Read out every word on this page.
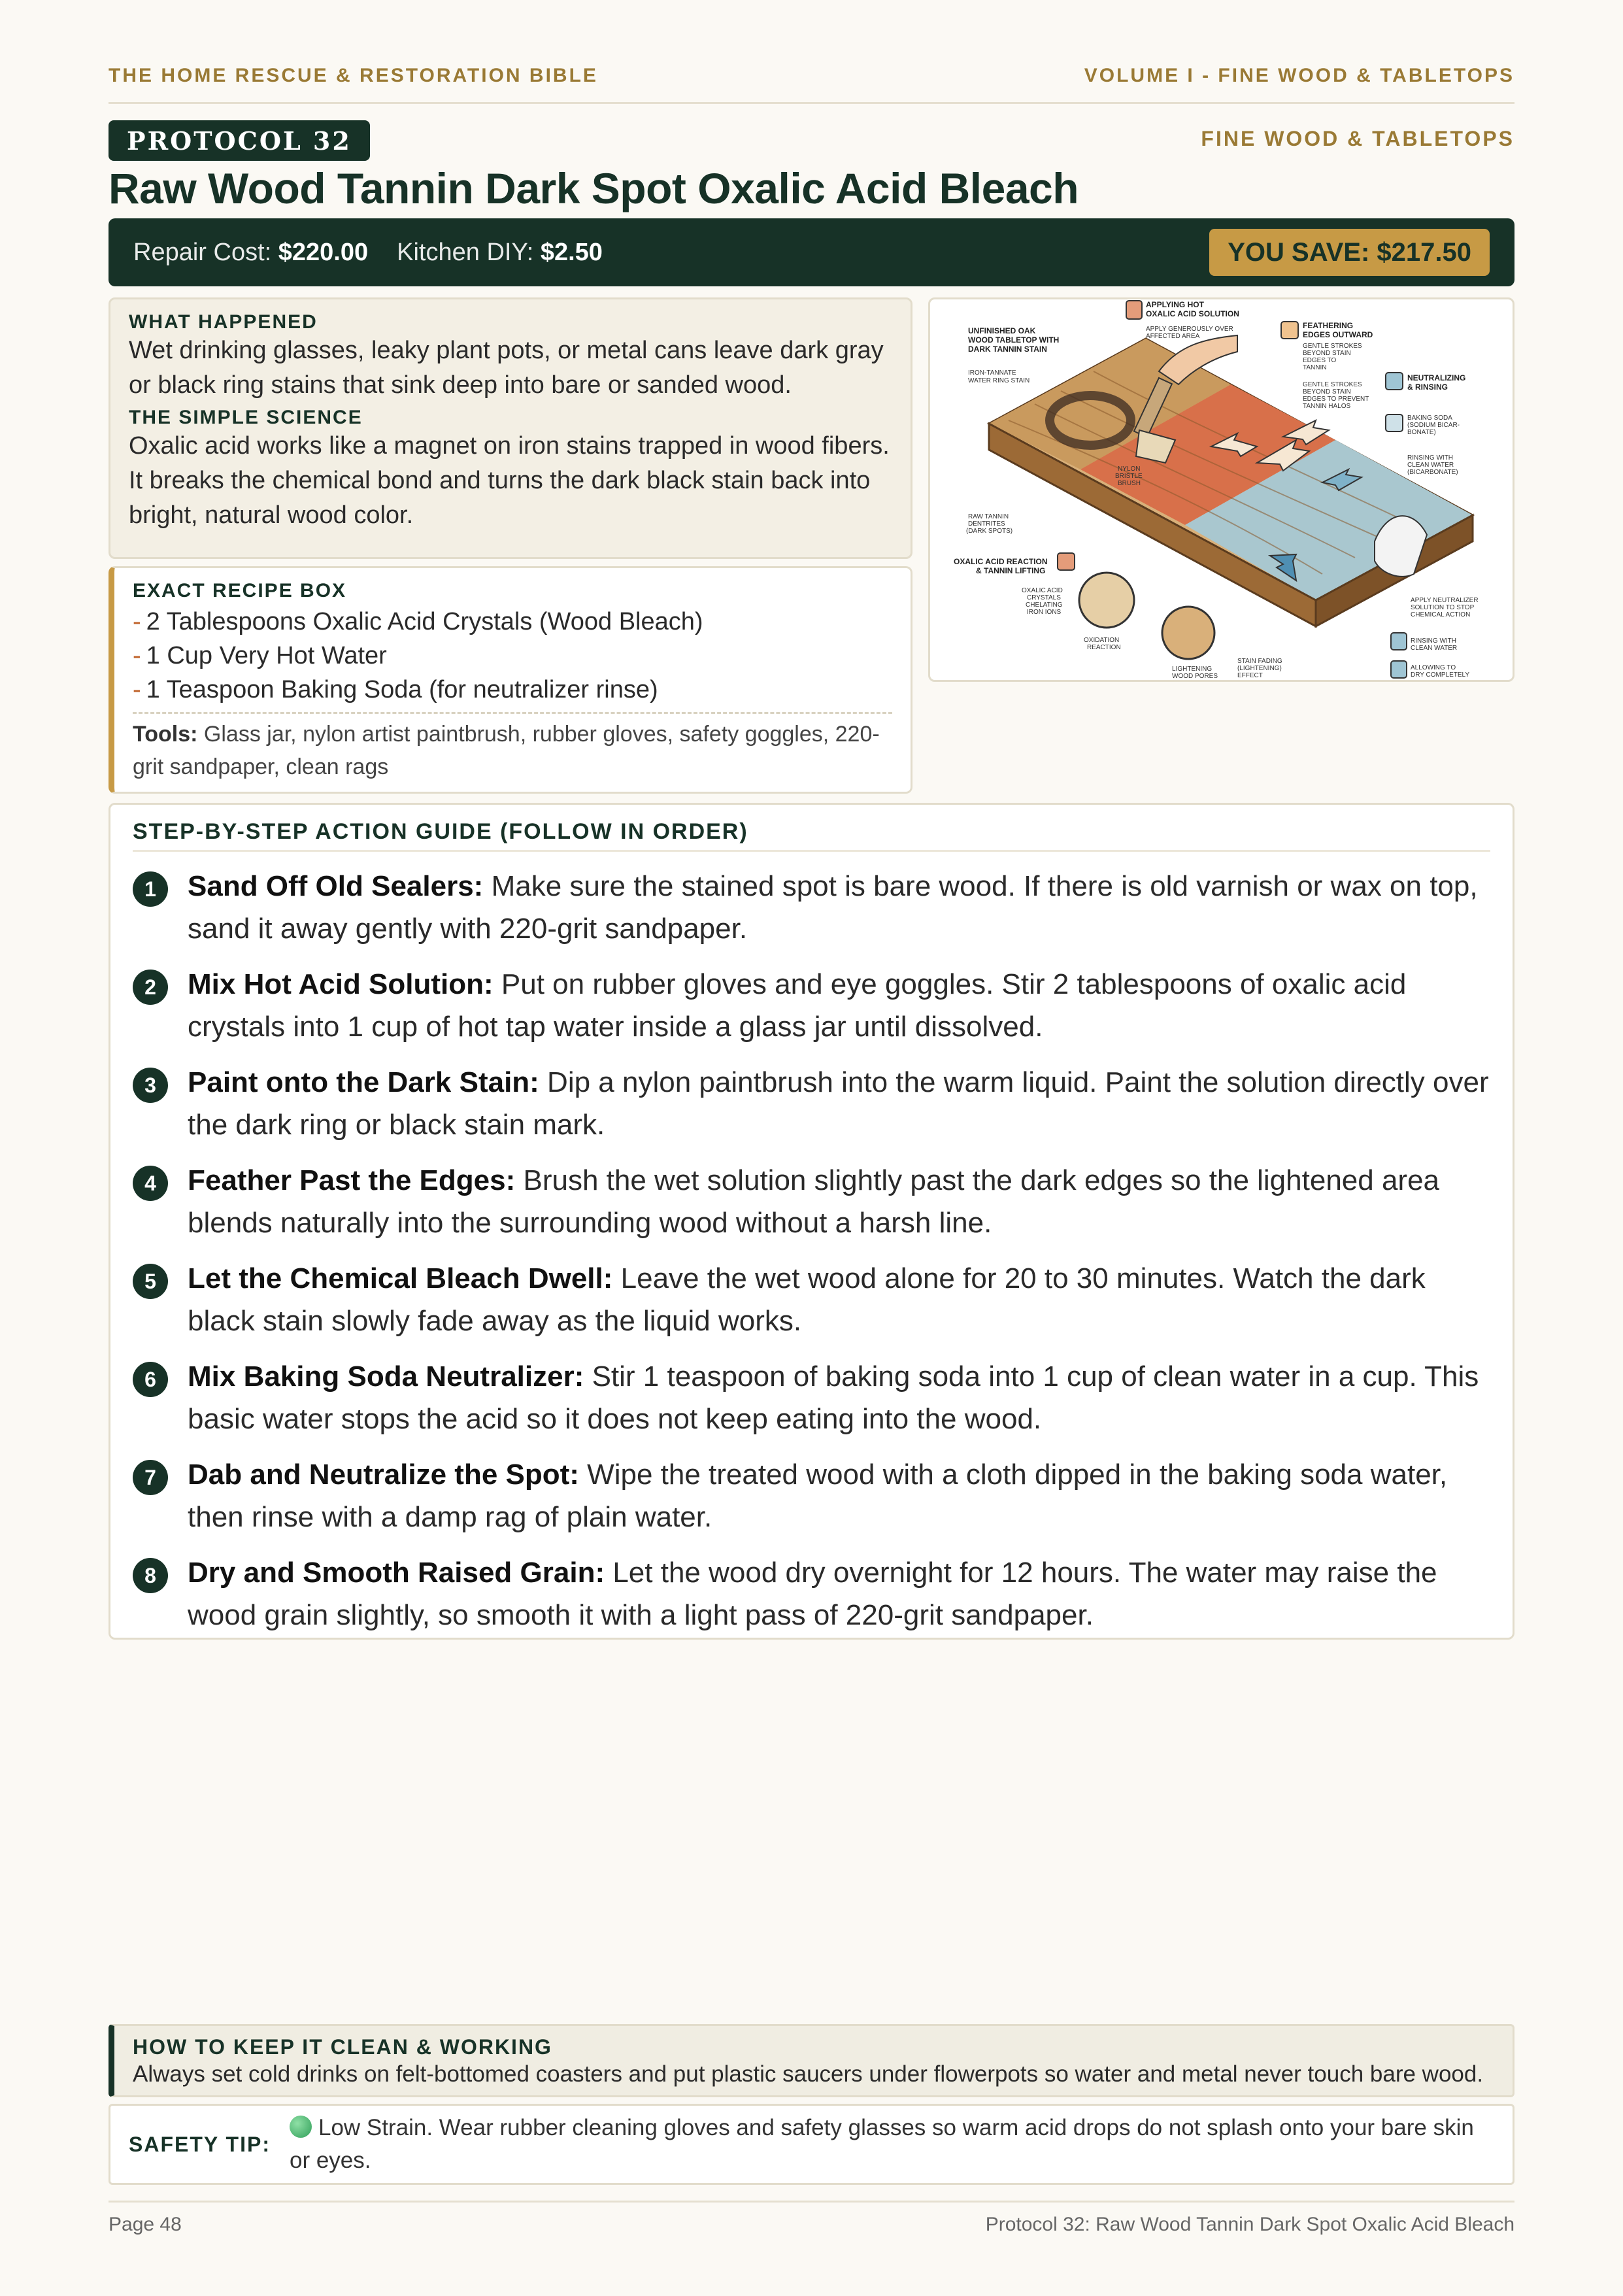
THE HOME RESCUE & RESTORATION BIBLE	VOLUME I - FINE WOOD & TABLETOPS
PROTOCOL 32	FINE WOOD & TABLETOPS
Raw Wood Tannin Dark Spot Oxalic Acid Bleach
Repair Cost:
$220.00 Kitchen DIY:
$2.50	YOU SAVE: $217.50
WHAT HAPPENED
Wet drinking glasses, leaky plant pots, or metal cans leave dark gray or black ring stains that sink deep into bare or sanded wood.
THE SIMPLE SCIENCE
Oxalic acid works like a magnet on iron stains trapped in wood fibers. It breaks the chemical bond and turns the dark black stain back into bright, natural wood color.
EXACT RECIPE BOX
- 2 Tablespoons Oxalic Acid Crystals (Wood Bleach)
- 1 Cup Very Hot Water
- 1 Teaspoon Baking Soda (for neutralizer rinse)
Tools: Glass jar, nylon artist paintbrush, rubber gloves, safety goggles, 220-grit sandpaper, clean rags
UNFINISHED OAK
WOOD TABLETOP WITH
DARK TANNIN STAIN
APPLYING HOT
OXALIC ACID SOLUTION
FEATHERING
EDGES OUTWARD
NEUTRALIZING
& RINSING
OXALIC ACID REACTION
& TANNIN LIFTING
IRON-TANNATE
WATER RING STAIN
APPLY GENEROUSLY OVER
AFFECTED AREA
GENTLE STROKES
BEYOND STAIN
EDGES TO
TANNIN
GENTLE STROKES
BEYOND STAIN
EDGES TO PREVENT
TANNIN HALOS
BAKING SODA
(SODIUM BICAR-
BONATE)
RINSING WITH
CLEAN WATER
(BICARBONATE)
NYLON
BRISTLE
BRUSH
RAW TANNIN
DENTRITES
(DARK SPOTS)
OXALIC ACID
CRYSTALS
CHELATING
IRON IONS
OXIDATION
REACTION
LIGHTENING
WOOD PORES
STAIN FADING
(LIGHTENING)
EFFECT
APPLY NEUTRALIZER
SOLUTION TO STOP
CHEMICAL ACTION
RINSING WITH
CLEAN WATER
ALLOWING TO
DRY COMPLETELY
STEP-BY-STEP ACTION GUIDE (FOLLOW IN ORDER)
1	Sand Off Old Sealers: Make sure the stained spot is bare wood. If there is old varnish or wax on top, sand it away gently with 220-grit sandpaper.
2	Mix Hot Acid Solution: Put on rubber gloves and eye goggles. Stir 2 tablespoons of oxalic acid crystals into 1 cup of hot tap water inside a glass jar until dissolved.
3	Paint onto the Dark Stain: Dip a nylon paintbrush into the warm liquid. Paint the solution directly over the dark ring or black stain mark.
4	Feather Past the Edges: Brush the wet solution slightly past the dark edges so the lightened area blends naturally into the surrounding wood without a harsh line.
5	Let the Chemical Bleach Dwell: Leave the wet wood alone for 20 to 30 minutes. Watch the dark black stain slowly fade away as the liquid works.
6	Mix Baking Soda Neutralizer: Stir 1 teaspoon of baking soda into 1 cup of clean water in a cup. This basic water stops the acid so it does not keep eating into the wood.
7	Dab and Neutralize the Spot: Wipe the treated wood with a cloth dipped in the baking soda water, then rinse with a damp rag of plain water.
8	Dry and Smooth Raised Grain: Let the wood dry overnight for 12 hours. The water may raise the wood grain slightly, so smooth it with a light pass of 220-grit sandpaper.
HOW TO KEEP IT CLEAN & WORKING
Always set cold drinks on felt-bottomed coasters and put plastic saucers under flowerpots so water and metal never touch bare wood.
SAFETY TIP:
Low Strain. Wear rubber cleaning gloves and safety glasses so warm acid drops do not splash onto your bare skin or eyes.
Page 48	Protocol 32: Raw Wood Tannin Dark Spot Oxalic Acid Bleach
